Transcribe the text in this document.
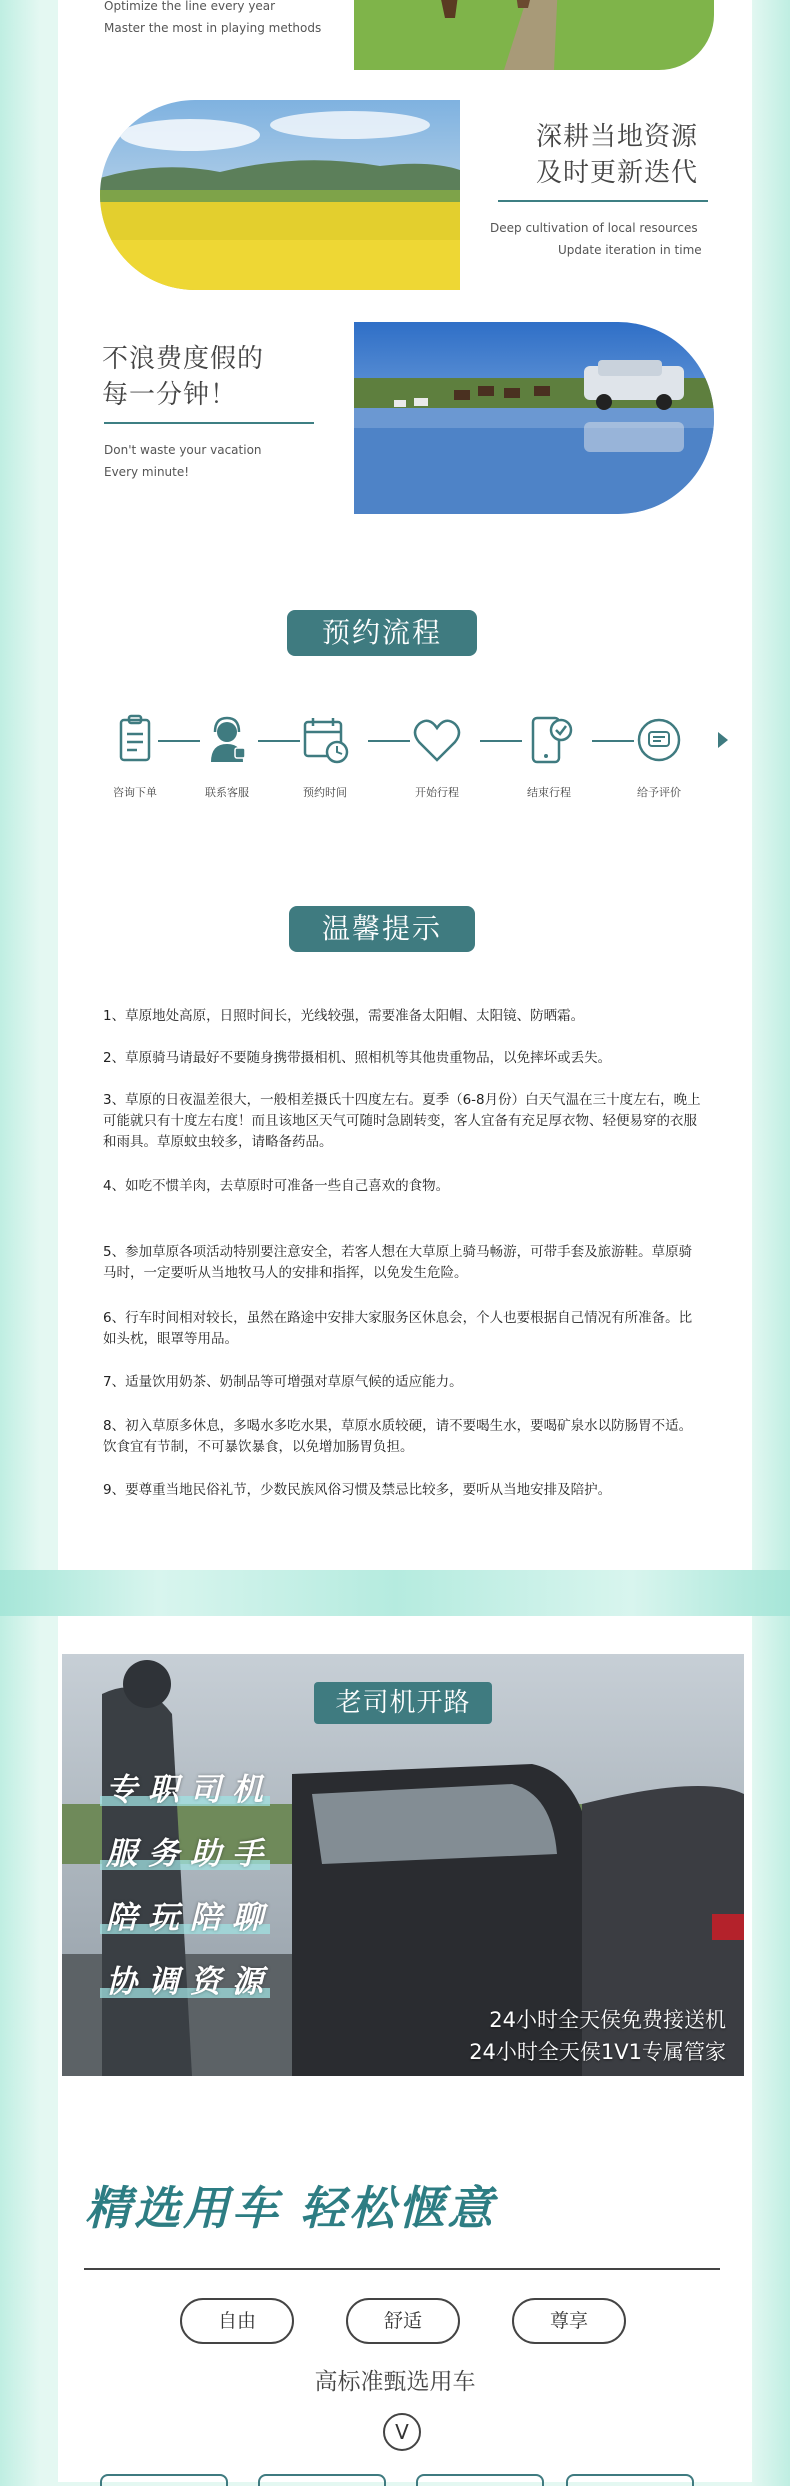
Optimize the line every year
Master the most in playing methods
深耕当地资源
及时更新迭代
Deep cultivation of local resources
Update iteration in time
不浪费度假的
每一分钟！
Don't waste your vacation
Every minute!
预约流程
咨询下单	联系客服	预约时间	开始行程	结束行程	给予评价
温馨提示
1、草原地处高原，日照时间长，光线较强，需要准备太阳帽、太阳镜、防晒霜。
2、草原骑马请最好不要随身携带摄相机、照相机等其他贵重物品，以免摔坏或丢失。
3、草原的日夜温差很大，一般相差摄氏十四度左右。夏季（6-8月份）白天气温在三十度左右，晚上可能就只有十度左右度！而且该地区天气可随时急剧转变，客人宜备有充足厚衣物、轻便易穿的衣服和雨具。草原蚊虫较多，请略备药品。
4、如吃不惯羊肉，去草原时可准备一些自己喜欢的食物。
5、参加草原各项活动特别要注意安全，若客人想在大草原上骑马畅游，可带手套及旅游鞋。草原骑马时，一定要听从当地牧马人的安排和指挥，以免发生危险。
6、行车时间相对较长，虽然在路途中安排大家服务区休息会，个人也要根据自己情况有所准备。比如头枕，眼罩等用品。
7、适量饮用奶茶、奶制品等可增强对草原气候的适应能力。
8、初入草原多休息，多喝水多吃水果，草原水质较硬，请不要喝生水，要喝矿泉水以防肠胃不适。饮食宜有节制，不可暴饮暴食，以免增加肠胃负担。
9、要尊重当地民俗礼节，少数民族风俗习惯及禁忌比较多，要听从当地安排及陪护。
老司机开路
专职司机
服务助手
陪玩陪聊
协调资源
24小时全天侯免费接送机
24小时全天侯1V1专属管家
精选用车 轻松惬意
自由	舒适	尊享
高标准甄选用车
V
